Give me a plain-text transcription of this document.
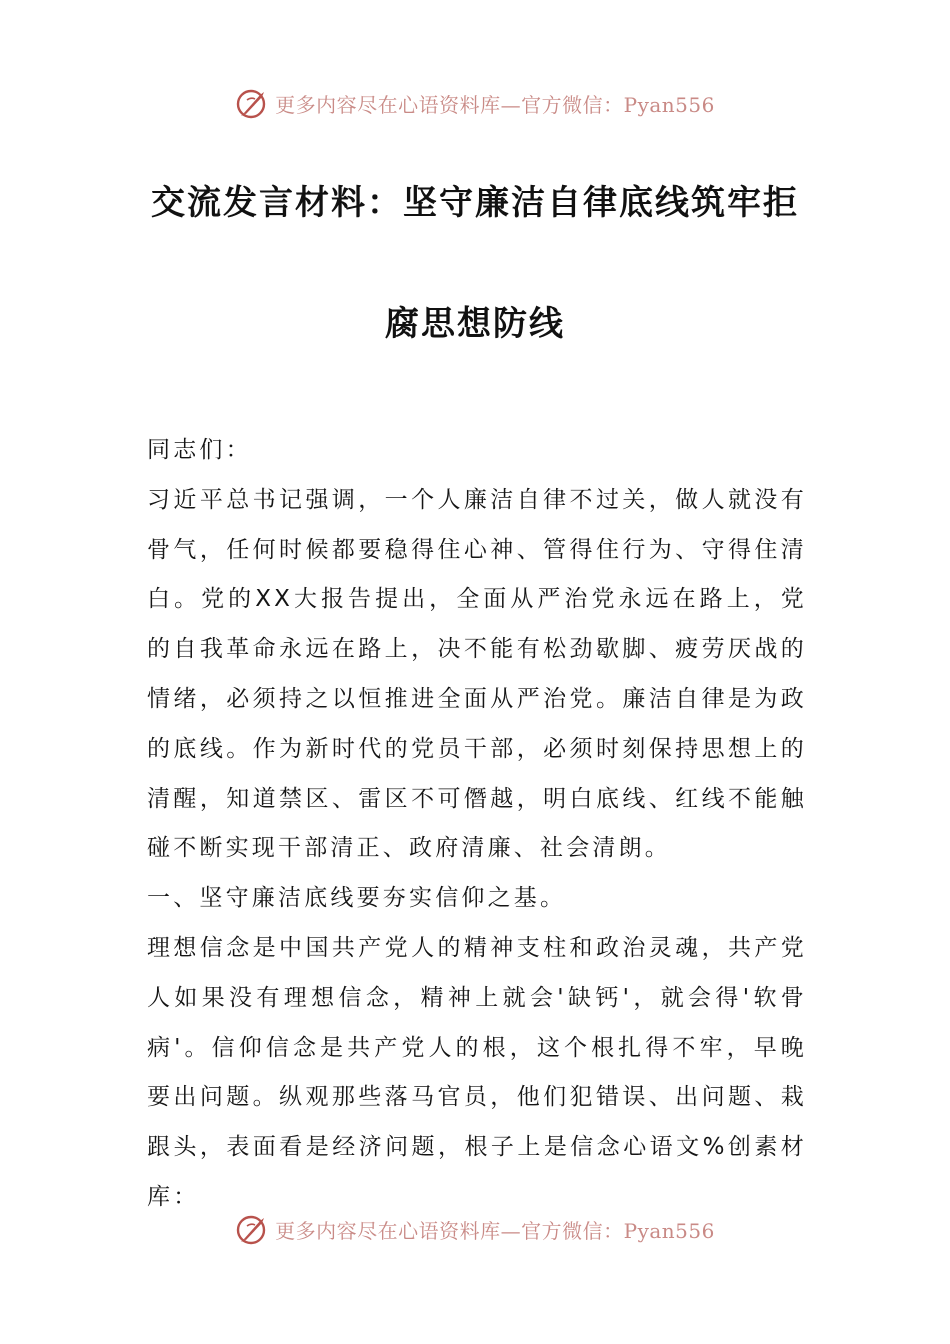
更多内容尽在心语资料库—官方微信：Pyan556
交流发言材料：坚守廉洁自律底线筑牢拒
腐思想防线

同志们：

习近平总书记强调，一个人廉洁自律不过关，做人就没有骨气，任何时候都要稳得住心神、管得住行为、守得住清白。党的XX大报告提出，全面从严治党永远在路上，党的自我革命永远在路上，决不能有松劲歇脚、疲劳厌战的情绪，必须持之以恒推进全面从严治党。廉洁自律是为政的底线。作为新时代的党员干部，必须时刻保持思想上的清醒，知道禁区、雷区不可僭越，明白底线、红线不能触碰不断实现干部清正、政府清廉、社会清朗。

一、坚守廉洁底线要夯实信仰之基。

理想信念是中国共产党人的精神支柱和政治灵魂，共产党人如果没有理想信念，精神上就会'缺钙'，就会得'软骨病'。信仰信念是共产党人的根，这个根扎得不牢，早晚要出问题。纵观那些落马官员，他们犯错误、出问题、栽跟头，表面看是经济问题，根子上是信念心语文%创素材库：

更多内容尽在心语资料库—官方微信：Pyan556
